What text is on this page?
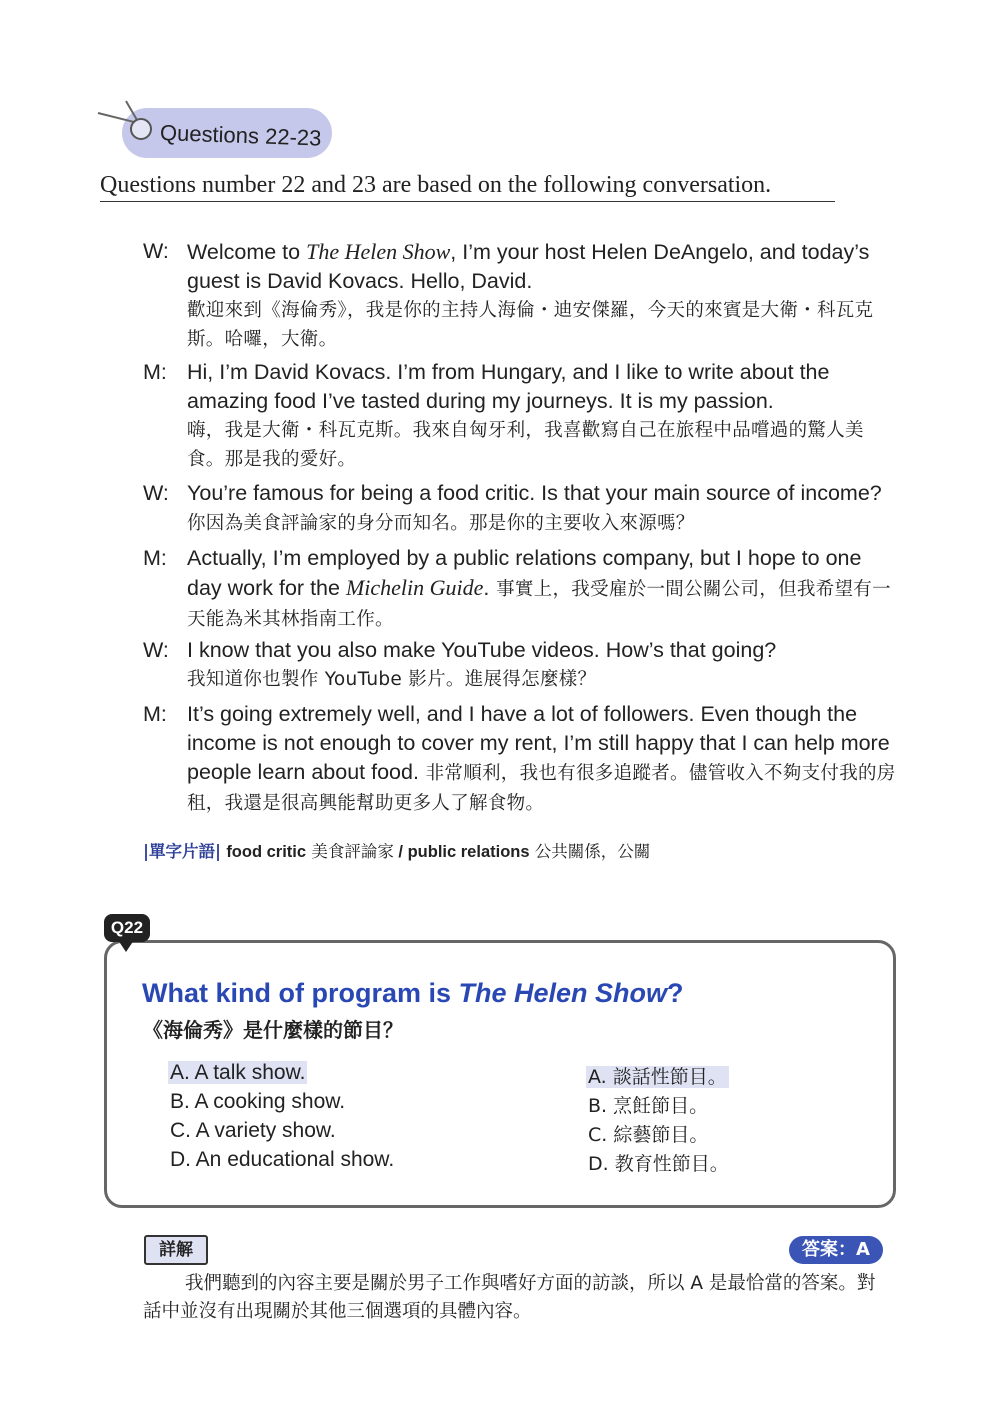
Questions 22-23
Questions number 22 and 23 are based on the following conversation.
W: Welcome to The Helen Show, I’m your host Helen DeAngelo, and today’s guest is David Kovacs. Hello, David.
歡迎來到《海倫秀》，我是你的主持人海倫・迪安傑羅，今天的來賓是大衛・科瓦克斯。哈囉，大衛。
M: Hi, I’m David Kovacs. I’m from Hungary, and I like to write about the amazing food I’ve tasted during my journeys. It is my passion.
嗨，我是大衛・科瓦克斯。我來自匈牙利，我喜歡寫自己在旅程中品嚐過的驚人美食。那是我的愛好。
W: You’re famous for being a food critic. Is that your main source of income? 你因為美食評論家的身分而知名。那是你的主要收入來源嗎？
M: Actually, I’m employed by a public relations company, but I hope to one day work for the Michelin Guide. 事實上，我受雇於一間公關公司，但我希望有一天能為米其林指南工作。
W: I know that you also make YouTube videos. How’s that going?
我知道你也製作 YouTube 影片。進展得怎麼樣？
M: It’s going extremely well, and I have a lot of followers. Even though the income is not enough to cover my rent, I’m still happy that I can help more people learn about food. 非常順利，我也有很多追蹤者。儘管收入不夠支付我的房租，我還是很高興能幫助更多人了解食物。
|單字片語| food critic 美食評論家 / public relations 公共關係，公關
Q22
What kind of program is The Helen Show?
《海倫秀》是什麼樣的節目？
A. A talk show.
B. A cooking show.
C. A variety show.
D. An educational show.
A. 談話性節目。
B. 烹飪節目。
C. 綜藝節目。
D. 教育性節目。
詳解	答案：A
我們聽到的內容主要是關於男子工作與嗜好方面的訪談，所以 A 是最恰當的答案。對話中並沒有出現關於其他三個選項的具體內容。
